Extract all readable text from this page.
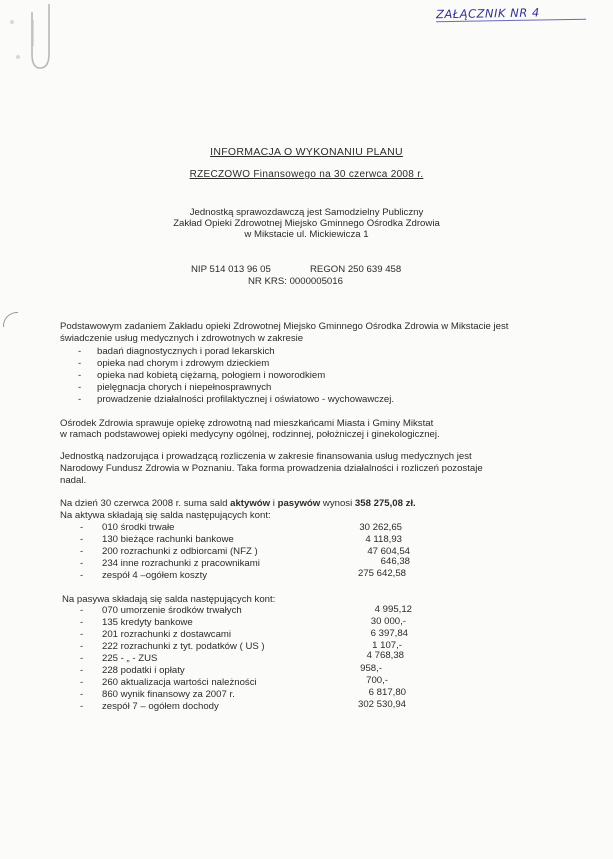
ZAŁĄCZNIK NR 4
INFORMACJA O WYKONANIU PLANU
RZECZOWO Finansowego na 30 czerwca 2008 r.
Jednostką sprawozdawczą jest Samodzielny Publiczny
Zakład Opieki Zdrowotnej Miejsko Gminnego Ośrodka Zdrowia
w Mikstacie ul. Mickiewicza 1
NIP 514 013 96 05	REGON 250 639 458
NR KRS: 0000005016
Podstawowym zadaniem Zakładu opieki Zdrowotnej Miejsko Gminnego Ośrodka Zdrowia w Mikstacie jest
świadczenie usług medycznych i zdrowotnych w zakresie
- badań diagnostycznych i porad lekarskich
- opieka nad chorym i zdrowym dzieckiem
- opieka nad kobietą ciężarną, połogiem i noworodkiem
- pielęgnacja chorych i niepełnosprawnych
- prowadzenie działalności profilaktycznej i oświatowo - wychowawczej.
Ośrodek Zdrowia sprawuje opiekę zdrowotną nad mieszkańcami Miasta i Gminy Mikstat
w ramach podstawowej opieki medycyny ogólnej, rodzinnej, położniczej i ginekologicznej.
Jednostką nadzorująca i prowadzącą rozliczenia w zakresie finansowania usług medycznych jest
Narodowy Fundusz Zdrowia w Poznaniu. Taka forma prowadzenia działalności i rozliczeń pozostaje
nadal.
Na dzień 30 czerwca 2008 r. suma sald aktywów i pasywów wynosi 358 275,08 zł.
Na aktywa składają się salda następujących kont:
- 010 środki trwałe	30 262,65
- 130 bieżące rachunki bankowe	4 118,93
- 200 rozrachunki z odbiorcami (NFZ )	47 604,54
- 234 inne rozrachunki z pracownikami	646,38
- zespół 4 –ogółem koszty	275 642,58
Na pasywa składają się salda następujących kont:
- 070 umorzenie środków trwałych	4 995,12
- 135 kredyty bankowe	30 000,-
- 201 rozrachunki z dostawcami	6 397,84
- 222 rozrachunki z tyt. podatków ( US )	1 107,-
- 225 - „ - ZUS	4 768,38
- 228 podatki i opłaty	958,-
- 260 aktualizacja wartości należności	700,-
- 860 wynik finansowy za 2007 r.	6 817,80
- zespół 7 – ogółem dochody	302 530,94
